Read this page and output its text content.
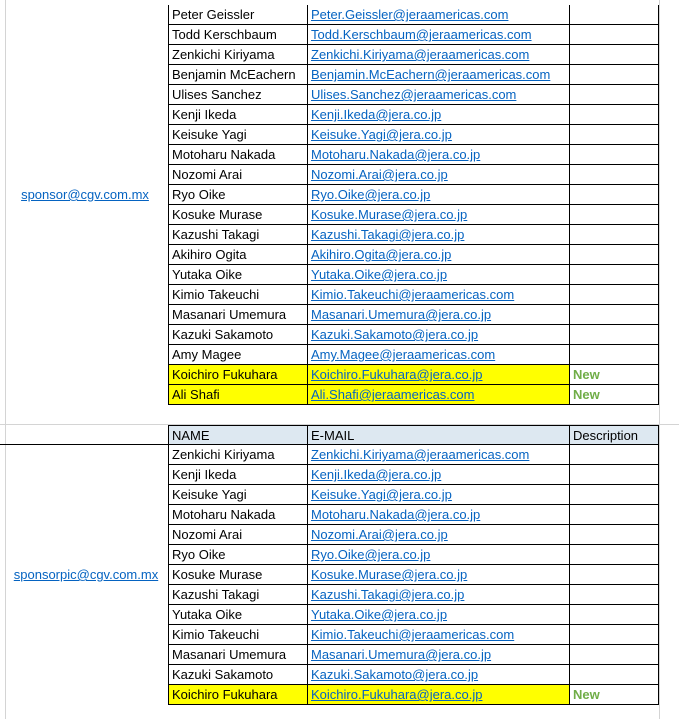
sponsor@cgv.com.mx
Peter Geissler	Peter.Geissler@jeraamericas.com
Todd Kerschbaum	Todd.Kerschbaum@jeraamericas.com
Zenkichi Kiriyama	Zenkichi.Kiriyama@jeraamericas.com
Benjamin McEachern	Benjamin.McEachern@jeraamericas.com
Ulises Sanchez	Ulises.Sanchez@jeraamericas.com
Kenji Ikeda	Kenji.Ikeda@jera.co.jp
Keisuke Yagi	Keisuke.Yagi@jera.co.jp
Motoharu Nakada	Motoharu.Nakada@jera.co.jp
Nozomi Arai	Nozomi.Arai@jera.co.jp
Ryo Oike	Ryo.Oike@jera.co.jp
Kosuke Murase	Kosuke.Murase@jera.co.jp
Kazushi Takagi	Kazushi.Takagi@jera.co.jp
Akihiro Ogita	Akihiro.Ogita@jera.co.jp
Yutaka Oike	Yutaka.Oike@jera.co.jp
Kimio Takeuchi	Kimio.Takeuchi@jeraamericas.com
Masanari Umemura	Masanari.Umemura@jera.co.jp
Kazuki Sakamoto	Kazuki.Sakamoto@jera.co.jp
Amy Magee	Amy.Magee@jeraamericas.com
Koichiro Fukuhara	Koichiro.Fukuhara@jera.co.jp	New
Ali Shafi	Ali.Shafi@jeraamericas.com	New
NAME	E-MAIL	Description
sponsorpic@cgv.com.mx
Zenkichi Kiriyama	Zenkichi.Kiriyama@jeraamericas.com
Kenji Ikeda	Kenji.Ikeda@jera.co.jp
Keisuke Yagi	Keisuke.Yagi@jera.co.jp
Motoharu Nakada	Motoharu.Nakada@jera.co.jp
Nozomi Arai	Nozomi.Arai@jera.co.jp
Ryo Oike	Ryo.Oike@jera.co.jp
Kosuke Murase	Kosuke.Murase@jera.co.jp
Kazushi Takagi	Kazushi.Takagi@jera.co.jp
Yutaka Oike	Yutaka.Oike@jera.co.jp
Kimio Takeuchi	Kimio.Takeuchi@jeraamericas.com
Masanari Umemura	Masanari.Umemura@jera.co.jp
Kazuki Sakamoto	Kazuki.Sakamoto@jera.co.jp
Koichiro Fukuhara	Koichiro.Fukuhara@jera.co.jp	New
